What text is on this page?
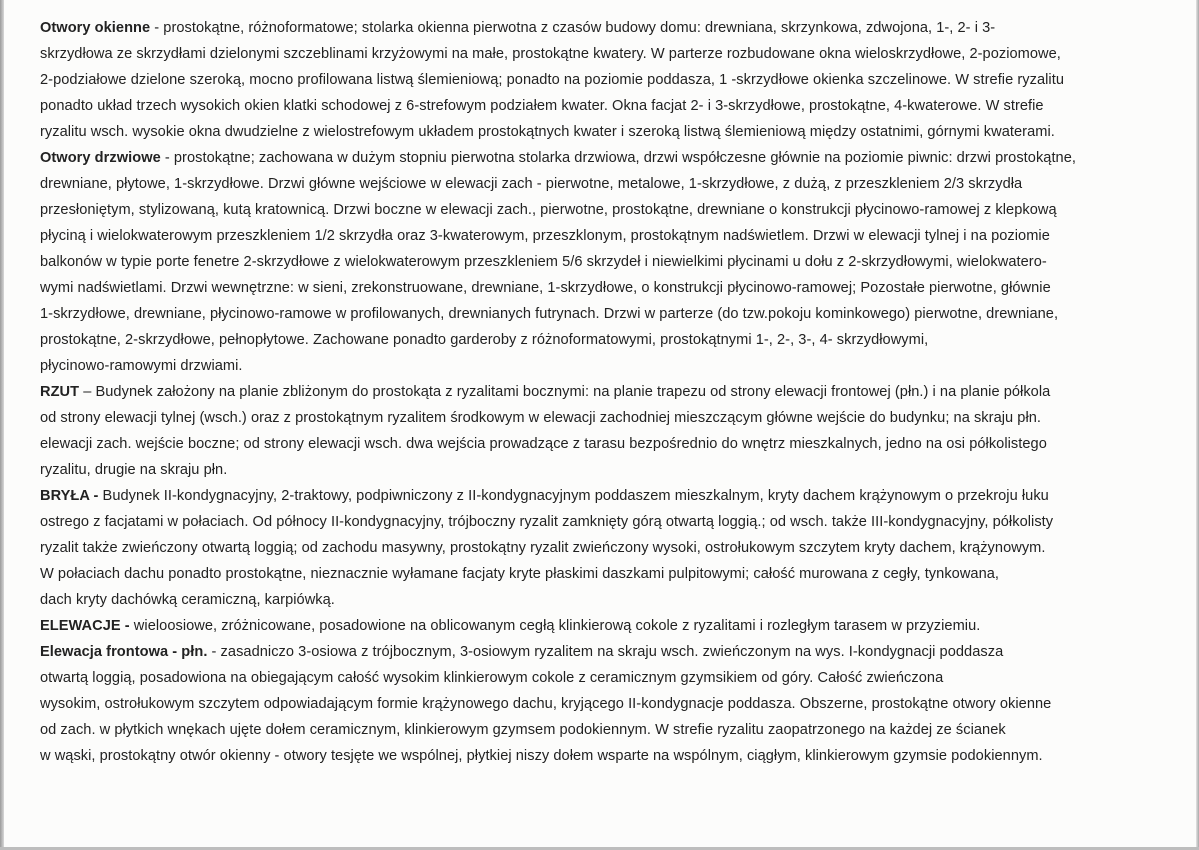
Otwory okienne - prostokątne, różnoformatowe; stolarka okienna pierwotna z czasów budowy domu: drewniana, skrzynkowa, zdwojona, 1-, 2- i 3-
skrzydłowa ze skrzydłami dzielonymi szczeblinami krzyżowymi na małe, prostokątne kwatery. W parterze rozbudowane okna wieloskrzydłowe, 2-poziomowe,
2-podziałowe dzielone szeroką, mocno profilowana listwą ślemieniową; ponadto na poziomie poddasza, 1 -skrzydłowe okienka szczelinowe. W strefie ryzalitu
ponadto układ trzech wysokich okien klatki schodowej z 6-strefowym podziałem kwater. Okna facjat 2- i 3-skrzydłowe, prostokątne, 4-kwaterowe. W strefie
ryzalitu wsch. wysokie okna dwudzielne z wielostrefowym układem prostokątnych kwater i szeroką listwą ślemieniową między ostatnimi, górnymi kwaterami.
Otwory drzwiowe - prostokątne; zachowana w dużym stopniu pierwotna stolarka drzwiowa, drzwi współczesne głównie na poziomie piwnic: drzwi prostokątne,
drewniane, płytowe, 1-skrzydłowe. Drzwi główne wejściowe w elewacji zach - pierwotne, metalowe, 1-skrzydłowe, z dużą, z przeszkleniem 2/3 skrzydła
przesłoniętym, stylizowaną, kutą kratownicą. Drzwi boczne w elewacji zach., pierwotne, prostokątne, drewniane o konstrukcji płycinowo-ramowej z klepkową
płyciną i wielokwaterowym przeszkleniem 1/2 skrzydła oraz 3-kwaterowym, przeszklonym, prostokątnym nadświetlem. Drzwi w elewacji tylnej i na poziomie
balkonów w typie porte fenetre 2-skrzydłowe z wielokwaterowym przeszkleniem 5/6 skrzydeł i niewielkimi płycinami u dołu z 2-skrzydłowymi, wielokwatero-
wymi nadświetlami. Drzwi wewnętrzne: w sieni, zrekonstruowane, drewniane, 1-skrzydłowe, o konstrukcji płycinowo-ramowej; Pozostałe pierwotne, głównie
1-skrzydłowe, drewniane, płycinowo-ramowe w profilowanych, drewnianych futrynach. Drzwi w parterze (do tzw.pokoju kominkowego) pierwotne, drewniane,
prostokątne, 2-skrzydłowe, pełnopłytowe. Zachowane ponadto garderoby z różnoformatowymi, prostokątnymi 1-, 2-, 3-, 4- skrzydłowymi,
płycinowo-ramowymi drzwiami.
RZUT – Budynek założony na planie zbliżonym do prostokąta z ryzalitami bocznymi: na planie trapezu od strony elewacji frontowej (płn.) i na planie półkola
od strony elewacji tylnej (wsch.) oraz z prostokątnym ryzalitem środkowym w elewacji zachodniej mieszczącym główne wejście do budynku; na skraju płn.
elewacji zach. wejście boczne; od strony elewacji wsch. dwa wejścia prowadzące z tarasu bezpośrednio do wnętrz mieszkalnych, jedno na osi półkolistego
ryzalitu, drugie na skraju płn.
BRYŁA - Budynek II-kondygnacyjny, 2-traktowy, podpiwniczony z II-kondygnacyjnym poddaszem mieszkalnym, kryty dachem krążynowym o przekroju łuku
ostrego z facjatami w połaciach. Od północy II-kondygnacyjny, trójboczny ryzalit zamknięty górą otwartą loggią.; od wsch. także III-kondygnacyjny, półkolisty
ryzalit także zwieńczony otwartą loggią; od zachodu masywny, prostokątny ryzalit zwieńczony wysoki, ostrołukowym szczytem kryty dachem, krążynowym.
W połaciach dachu ponadto prostokątne, nieznacznie wyłamane facjaty kryte płaskimi daszkami pulpitowymi; całość murowana z cegły, tynkowana,
dach kryty dachówką ceramiczną, karpiówką.
ELEWACJE - wieloosiowe, zróżnicowane, posadowione na oblicowanym cegłą klinkierową cokole z ryzalitami i rozległym tarasem w przyziemiu.
Elewacja frontowa - płn. - zasadniczo 3-osiowa z trójbocznym, 3-osiowym ryzalitem na skraju wsch. zwieńczonym na wys. I-kondygnacji poddasza
otwartą loggią, posadowiona na obiegającym całość wysokim klinkierowym cokole z ceramicznym gzymsikiem od góry. Całość zwieńczona
wysokim, ostrołukowym szczytem odpowiadającym formie krążynowego dachu, kryjącego II-kondygnacje poddasza. Obszerne, prostokątne otwory okienne
od zach. w płytkich wnękach ujęte dołem ceramicznym, klinkierowym gzymsem podokiennym. W strefie ryzalitu zaopatrzonego na każdej ze ścianek
w wąski, prostokątny otwór okienny - otwory tesjęte we wspólnej, płytkiej niszy dołem wsparte na wspólnym, ciągłym, klinkierowym gzymsie podokiennym.
